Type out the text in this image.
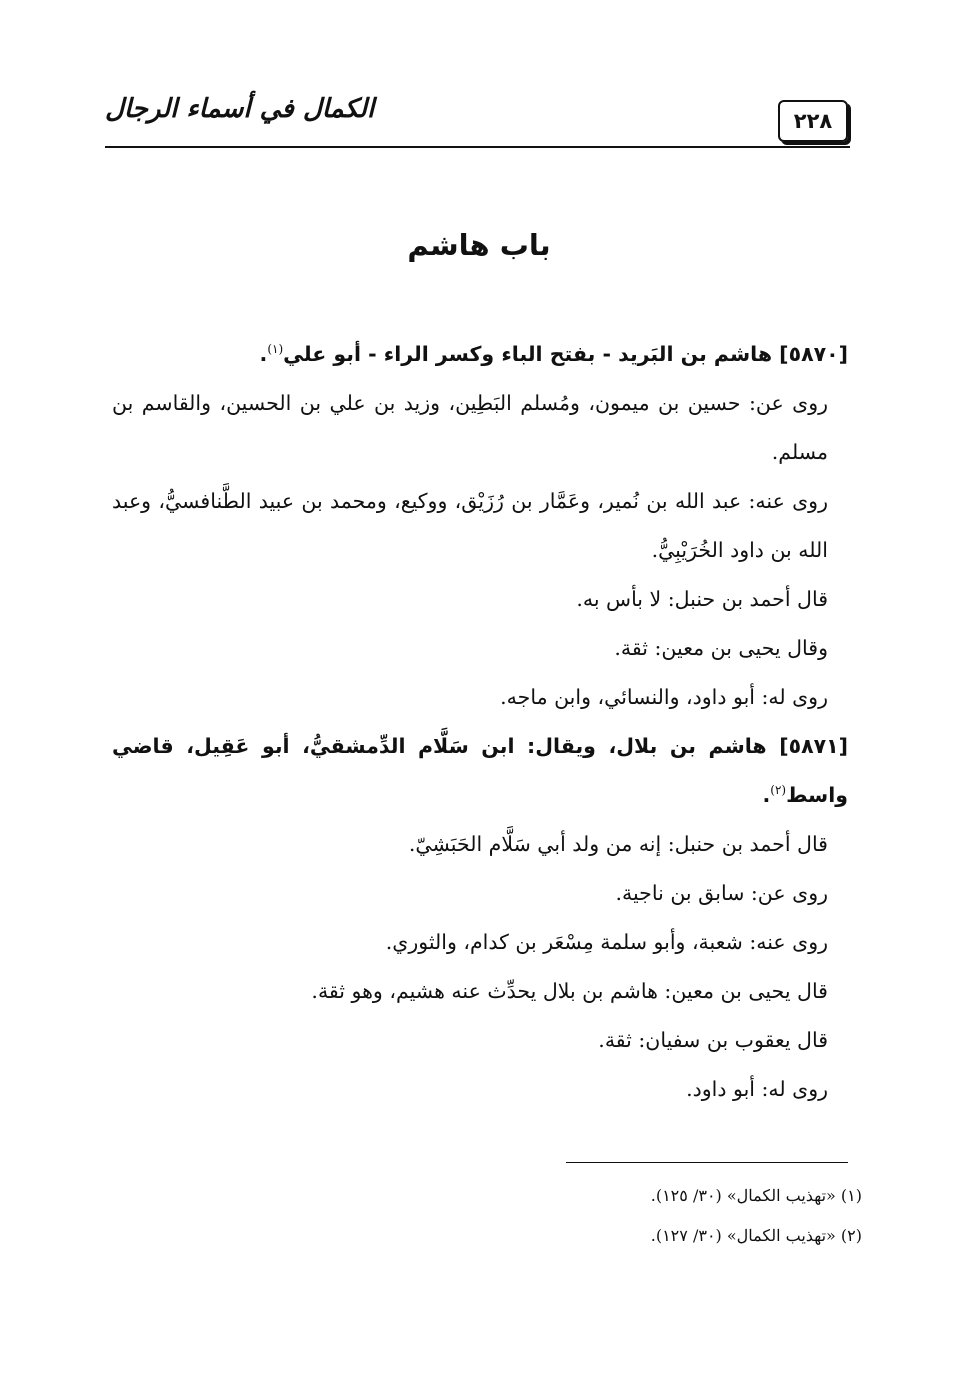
٢٢٨
الكمال في أسماء الرجال
باب هاشم

[٥٨٧٠] هاشم بن البَريد - بفتح الباء وكسر الراء - أبو علي$^{(١)}$.

روى عن: حسين بن ميمون، ومُسلم البَطِين، وزيد بن علي بن الحسين، والقاسم بن مسلم.

روى عنه: عبد الله بن نُمير، وعَمَّار بن رُزَيْق، ووكيع، ومحمد بن عبيد الطَّنافسيُّ، وعبد الله بن داود الخُرَيْبِيُّ.

قال أحمد بن حنبل: لا بأس به.

وقال يحيى بن معين: ثقة.

روى له: أبو داود، والنسائي، وابن ماجه.

[٥٨٧١] هاشم بن بلال، ويقال: ابن سَلَّام الدِّمشقيُّ، أبو عَقِيل، قاضي واسط$^{(٢)}$.

قال أحمد بن حنبل: إنه من ولد أبي سَلَّام الحَبَشِيّ.

روى عن: سابق بن ناجية.

روى عنه: شعبة، وأبو سلمة مِسْعَر بن كدام، والثوري.

قال يحيى بن معين: هاشم بن بلال يحدِّث عنه هشيم، وهو ثقة.

قال يعقوب بن سفيان: ثقة.

روى له: أبو داود.

(١) «تهذيب الكمال» (٣٠/ ١٢٥).

(٢) «تهذيب الكمال» (٣٠/ ١٢٧).
